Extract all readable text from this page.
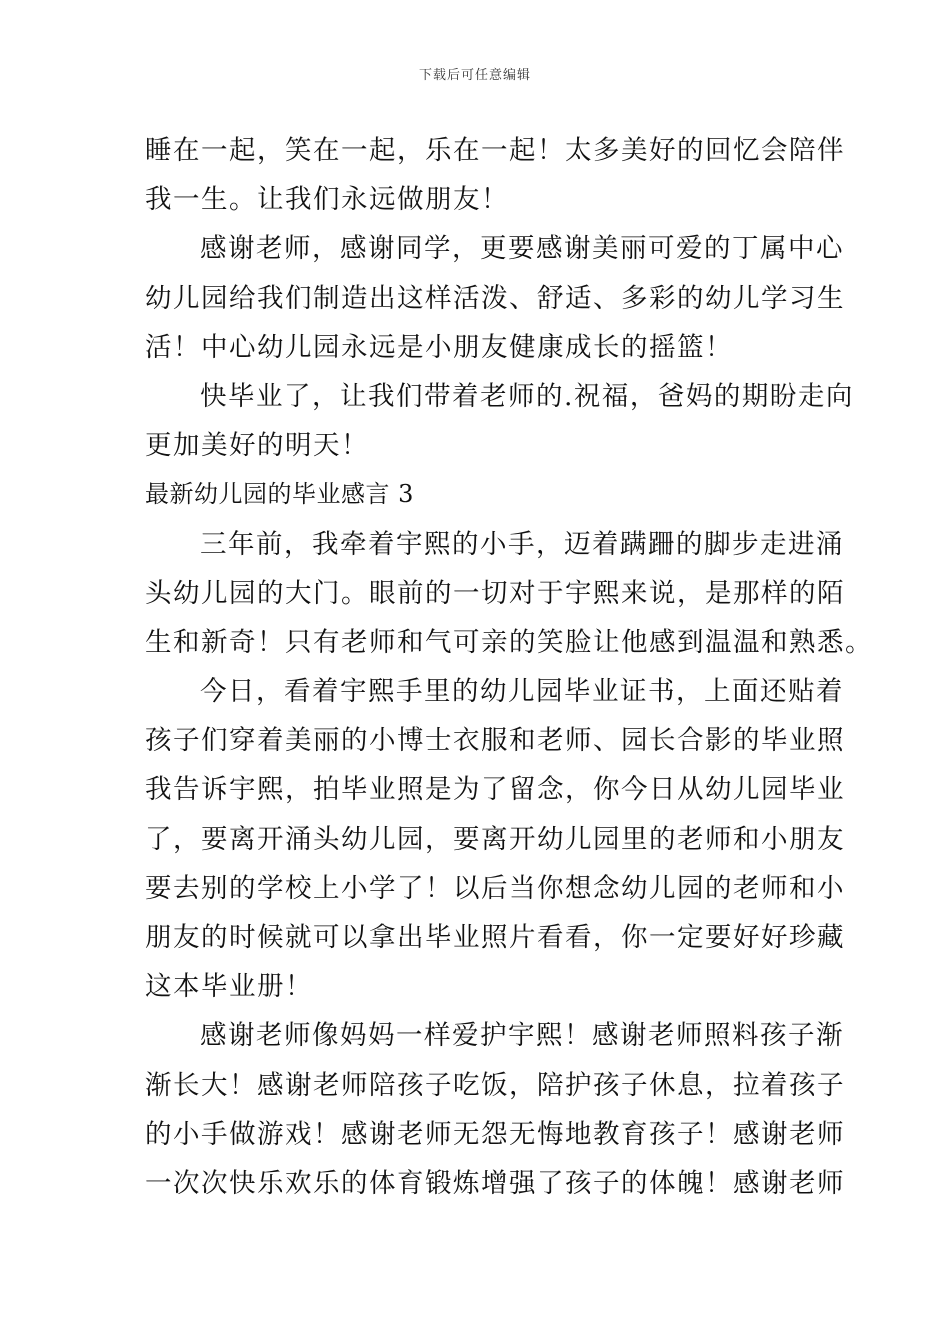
下载后可任意编辑
睡在一起，笑在一起，乐在一起！太多美好的回忆会陪伴
我一生。让我们永远做朋友！
感谢老师，感谢同学，更要感谢美丽可爱的丁属中心
幼儿园给我们制造出这样活泼、舒适、多彩的幼儿学习生
活！中心幼儿园永远是小朋友健康成长的摇篮！
快毕业了，让我们带着老师的.祝福，爸妈的期盼走向
更加美好的明天！
最新幼儿园的毕业感言 3
三年前，我牵着宇熙的小手，迈着蹒跚的脚步走进涌
头幼儿园的大门。眼前的一切对于宇熙来说，是那样的陌
生和新奇！只有老师和气可亲的笑脸让他感到温温和熟悉。
今日，看着宇熙手里的幼儿园毕业证书，上面还贴着
孩子们穿着美丽的小博士衣服和老师、园长合影的毕业照
我告诉宇熙，拍毕业照是为了留念，你今日从幼儿园毕业
了，要离开涌头幼儿园，要离开幼儿园里的老师和小朋友
要去别的学校上小学了！以后当你想念幼儿园的老师和小
朋友的时候就可以拿出毕业照片看看，你一定要好好珍藏
这本毕业册！
感谢老师像妈妈一样爱护宇熙！感谢老师照料孩子渐
渐长大！感谢老师陪孩子吃饭，陪护孩子休息，拉着孩子
的小手做游戏！感谢老师无怨无悔地教育孩子！感谢老师
一次次快乐欢乐的体育锻炼增强了孩子的体魄！感谢老师
